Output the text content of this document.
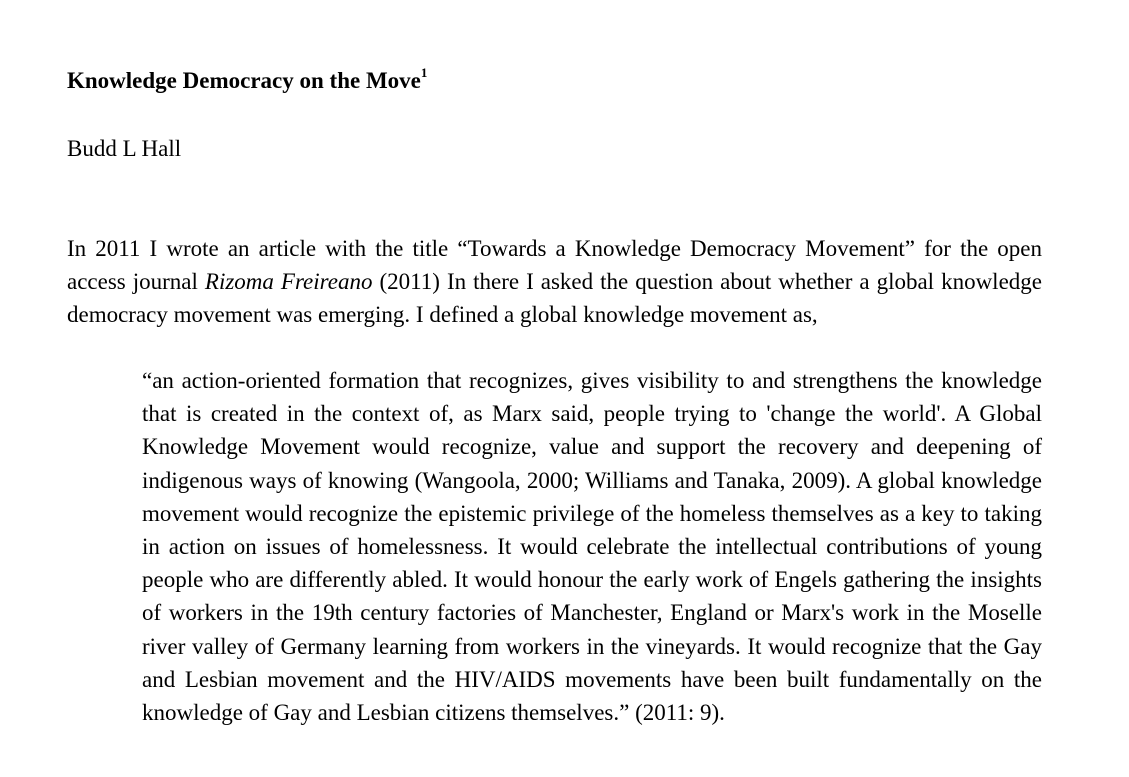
Knowledge Democracy on the Move$^1$
Budd L Hall

In 2011 I wrote an article with the title “Towards a Knowledge Democracy Movement” for the open access journal Rizoma Freireano (2011) In there I asked the question about whether a global knowledge democracy movement was emerging. I defined a global knowledge movement as,

“an action-oriented formation that recognizes, gives visibility to and strengthens the knowledge that is created in the context of, as Marx said, people trying to 'change the world'. A Global Knowledge Movement would recognize, value and support the recovery and deepening of indigenous ways of knowing (Wangoola, 2000; Williams and Tanaka, 2009). A global knowledge movement would recognize the epistemic privilege of the homeless themselves as a key to taking in action on issues of homelessness. It would celebrate the intellectual contributions of young people who are differently abled. It would honour the early work of Engels gathering the insights of workers in the 19th century factories of Manchester, England or Marx's work in the Moselle river valley of Germany learning from workers in the vineyards. It would recognize that the Gay and Lesbian movement and the HIV/AIDS movements have been built fundamentally on the knowledge of Gay and Lesbian citizens themselves.” (2011: 9).
